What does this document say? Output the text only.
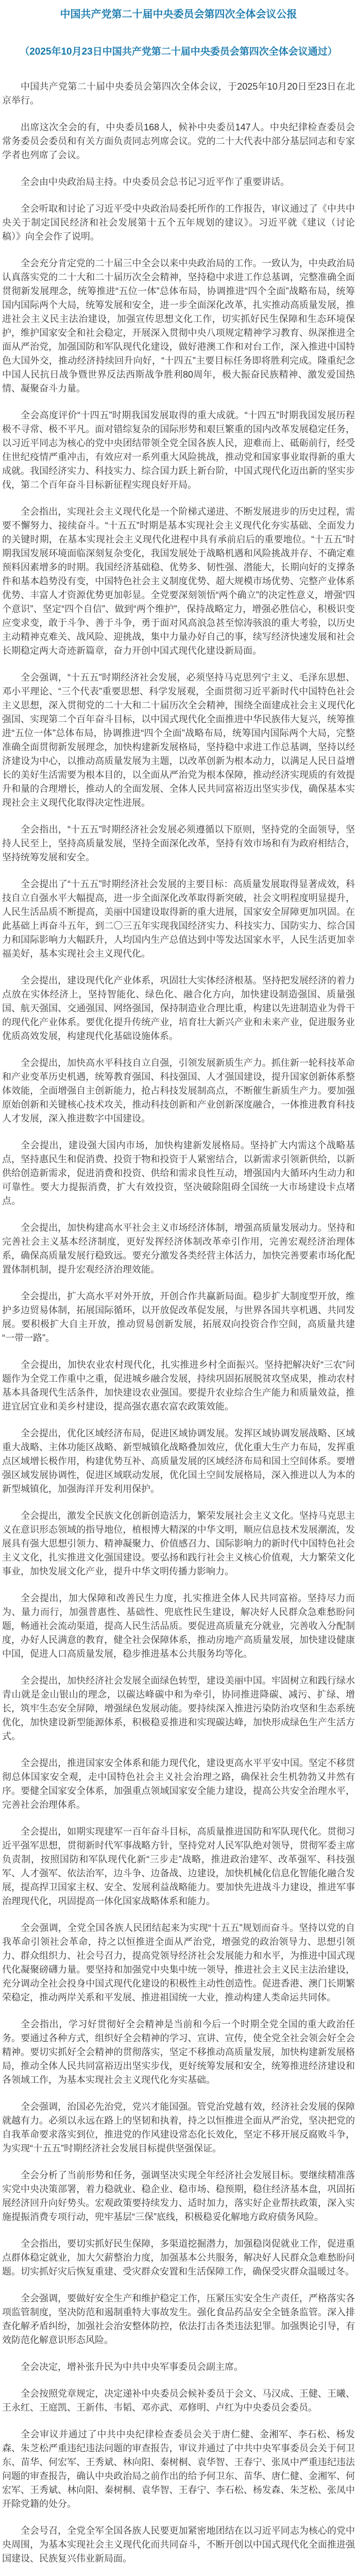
中国共产党第二十届中央委员会第四次全体会议公报
（2025年10月23日中国共产党第二十届中央委员会第四次全体会议通过）

中国共产党第二十届中央委员会第四次全体会议，于2025年10月20日至23日在北京举行。

出席这次全会的有，中央委员168人，候补中央委员147人。中央纪律检查委员会常务委员会委员和有关方面负责同志列席会议。党的二十大代表中部分基层同志和专家学者也列席了会议。

全会由中央政治局主持。中央委员会总书记习近平作了重要讲话。

全会听取和讨论了习近平受中央政治局委托所作的工作报告，审议通过了《中共中央关于制定国民经济和社会发展第十五个五年规划的建议》。习近平就《建议（讨论稿）》向全会作了说明。

全会充分肯定党的二十届三中全会以来中央政治局的工作。一致认为，中央政治局认真落实党的二十大和二十届历次全会精神，坚持稳中求进工作总基调，完整准确全面贯彻新发展理念，统筹推进“五位一体”总体布局，协调推进“四个全面”战略布局，统筹国内国际两个大局，统筹发展和安全，进一步全面深化改革，扎实推动高质量发展，推进社会主义民主法治建设，加强宣传思想文化工作，切实抓好民生保障和生态环境保护，维护国家安全和社会稳定，开展深入贯彻中央八项规定精神学习教育、纵深推进全面从严治党，加强国防和军队现代化建设，做好港澳工作和对台工作，深入推进中国特色大国外交，推动经济持续回升向好，“十四五”主要目标任务即将胜利完成。隆重纪念中国人民抗日战争暨世界反法西斯战争胜利80周年，极大振奋民族精神、激发爱国热情、凝聚奋斗力量。

全会高度评价“十四五”时期我国发展取得的重大成就。“十四五”时期我国发展历程极不寻常、极不平凡。面对错综复杂的国际形势和艰巨繁重的国内改革发展稳定任务，以习近平同志为核心的党中央团结带领全党全国各族人民，迎难而上、砥砺前行，经受住世纪疫情严重冲击，有效应对一系列重大风险挑战，推动党和国家事业取得新的重大成就。我国经济实力、科技实力、综合国力跃上新台阶，中国式现代化迈出新的坚实步伐，第二个百年奋斗目标新征程实现良好开局。

全会指出，实现社会主义现代化是一个阶梯式递进、不断发展进步的历史过程，需要不懈努力、接续奋斗。“十五五”时期是基本实现社会主义现代化夯实基础、全面发力的关键时期，在基本实现社会主义现代化进程中具有承前启后的重要地位。“十五五”时期我国发展环境面临深刻复杂变化，我国发展处于战略机遇和风险挑战并存、不确定难预料因素增多的时期。我国经济基础稳、优势多、韧性强、潜能大，长期向好的支撑条件和基本趋势没有变，中国特色社会主义制度优势、超大规模市场优势、完整产业体系优势、丰富人才资源优势更加彰显。全党要深刻领悟“两个确立”的决定性意义，增强“四个意识”、坚定“四个自信”、做到“两个维护”，保持战略定力，增强必胜信心，积极识变应变求变，敢于斗争、善于斗争，勇于面对风高浪急甚至惊涛骇浪的重大考验，以历史主动精神克难关、战风险、迎挑战，集中力量办好自己的事，续写经济快速发展和社会长期稳定两大奇迹新篇章，奋力开创中国式现代化建设新局面。

全会强调，“十五五”时期经济社会发展，必须坚持马克思列宁主义、毛泽东思想、邓小平理论、“三个代表”重要思想、科学发展观，全面贯彻习近平新时代中国特色社会主义思想，深入贯彻党的二十大和二十届历次全会精神，围绕全面建成社会主义现代化强国、实现第二个百年奋斗目标，以中国式现代化全面推进中华民族伟大复兴，统筹推进“五位一体”总体布局，协调推进“四个全面”战略布局，统筹国内国际两个大局，完整准确全面贯彻新发展理念，加快构建新发展格局，坚持稳中求进工作总基调，坚持以经济建设为中心，以推动高质量发展为主题，以改革创新为根本动力，以满足人民日益增长的美好生活需要为根本目的，以全面从严治党为根本保障，推动经济实现质的有效提升和量的合理增长，推动人的全面发展、全体人民共同富裕迈出坚实步伐，确保基本实现社会主义现代化取得决定性进展。

全会指出，“十五五”时期经济社会发展必须遵循以下原则，坚持党的全面领导，坚持人民至上，坚持高质量发展，坚持全面深化改革，坚持有效市场和有为政府相结合，坚持统筹发展和安全。

全会提出了“十五五”时期经济社会发展的主要目标：高质量发展取得显著成效，科技自立自强水平大幅提高，进一步全面深化改革取得新突破，社会文明程度明显提升，人民生活品质不断提高，美丽中国建设取得新的重大进展，国家安全屏障更加巩固。在此基础上再奋斗五年，到二〇三五年实现我国经济实力、科技实力、国防实力、综合国力和国际影响力大幅跃升，人均国内生产总值达到中等发达国家水平，人民生活更加幸福美好，基本实现社会主义现代化。

全会提出，建设现代化产业体系，巩固壮大实体经济根基。坚持把发展经济的着力点放在实体经济上，坚持智能化、绿色化、融合化方向，加快建设制造强国、质量强国、航天强国、交通强国、网络强国，保持制造业合理比重，构建以先进制造业为骨干的现代化产业体系。要优化提升传统产业，培育壮大新兴产业和未来产业，促进服务业优质高效发展，构建现代化基础设施体系。

全会提出，加快高水平科技自立自强，引领发展新质生产力。抓住新一轮科技革命和产业变革历史机遇，统筹教育强国、科技强国、人才强国建设，提升国家创新体系整体效能，全面增强自主创新能力，抢占科技发展制高点，不断催生新质生产力。要加强原始创新和关键核心技术攻关，推动科技创新和产业创新深度融合，一体推进教育科技人才发展，深入推进数字中国建设。

全会提出，建设强大国内市场，加快构建新发展格局。坚持扩大内需这个战略基点，坚持惠民生和促消费、投资于物和投资于人紧密结合，以新需求引领新供给，以新供给创造新需求，促进消费和投资、供给和需求良性互动，增强国内大循环内生动力和可靠性。要大力提振消费，扩大有效投资，坚决破除阻碍全国统一大市场建设卡点堵点。

全会提出，加快构建高水平社会主义市场经济体制，增强高质量发展动力。坚持和完善社会主义基本经济制度，更好发挥经济体制改革牵引作用，完善宏观经济治理体系，确保高质量发展行稳致远。要充分激发各类经营主体活力，加快完善要素市场化配置体制机制，提升宏观经济治理效能。

全会提出，扩大高水平对外开放，开创合作共赢新局面。稳步扩大制度型开放，维护多边贸易体制，拓展国际循环，以开放促改革促发展，与世界各国共享机遇、共同发展。要积极扩大自主开放，推动贸易创新发展，拓展双向投资合作空间，高质量共建“一带一路”。

全会提出，加快农业农村现代化，扎实推进乡村全面振兴。坚持把解决好“三农”问题作为全党工作重中之重，促进城乡融合发展，持续巩固拓展脱贫攻坚成果，推动农村基本具备现代生活条件，加快建设农业强国。要提升农业综合生产能力和质量效益，推进宜居宜业和美乡村建设，提高强农惠农富农政策效能。

全会提出，优化区域经济布局，促进区域协调发展。发挥区域协调发展战略、区域重大战略、主体功能区战略、新型城镇化战略叠加效应，优化重大生产力布局，发挥重点区域增长极作用，构建优势互补、高质量发展的区域经济布局和国土空间体系。要增强区域发展协调性，促进区域联动发展，优化国土空间发展格局，深入推进以人为本的新型城镇化，加强海洋开发利用保护。

全会提出，激发全民族文化创新创造活力，繁荣发展社会主义文化。坚持马克思主义在意识形态领域的指导地位，植根博大精深的中华文明，顺应信息技术发展潮流，发展具有强大思想引领力、精神凝聚力、价值感召力、国际影响力的新时代中国特色社会主义文化，扎实推进文化强国建设。要弘扬和践行社会主义核心价值观，大力繁荣文化事业，加快发展文化产业，提升中华文明传播力影响力。

全会提出，加大保障和改善民生力度，扎实推进全体人民共同富裕。坚持尽力而为、量力而行，加强普惠性、基础性、兜底性民生建设，解决好人民群众急难愁盼问题，畅通社会流动渠道，提高人民生活品质。要促进高质量充分就业，完善收入分配制度，办好人民满意的教育，健全社会保障体系，推动房地产高质量发展，加快建设健康中国，促进人口高质量发展，稳步推进基本公共服务均等化。

全会提出，加快经济社会发展全面绿色转型，建设美丽中国。牢固树立和践行绿水青山就是金山银山的理念，以碳达峰碳中和为牵引，协同推进降碳、减污、扩绿、增长，筑牢生态安全屏障，增强绿色发展动能。要持续深入推进污染防治攻坚和生态系统优化，加快建设新型能源体系，积极稳妥推进和实现碳达峰，加快形成绿色生产生活方式。

全会提出，推进国家安全体系和能力现代化，建设更高水平平安中国。坚定不移贯彻总体国家安全观，走中国特色社会主义社会治理之路，确保社会生机勃勃又井然有序。要健全国家安全体系，加强重点领域国家安全能力建设，提高公共安全治理水平，完善社会治理体系。

全会提出，如期实现建军一百年奋斗目标，高质量推进国防和军队现代化。贯彻习近平强军思想，贯彻新时代军事战略方针，坚持党对人民军队绝对领导，贯彻军委主席负责制，按照国防和军队现代化新“三步走”战略，推进政治建军、改革强军、科技强军、人才强军、依法治军，边斗争、边备战、边建设，加快机械化信息化智能化融合发展，提高捍卫国家主权、安全、发展利益战略能力。要加快先进战斗力建设，推进军事治理现代化，巩固提高一体化国家战略体系和能力。

全会强调，全党全国各族人民团结起来为实现“十五五”规划而奋斗。坚持以党的自我革命引领社会革命，持之以恒推进全面从严治党，增强党的政治领导力、思想引领力、群众组织力、社会号召力，提高党领导经济社会发展能力和水平，为推进中国式现代化凝聚磅礴力量。要坚持和加强党中央集中统一领导，推进社会主义民主法治建设，充分调动全社会投身中国式现代化建设的积极性主动性创造性。促进香港、澳门长期繁荣稳定，推动两岸关系和平发展、推进祖国统一大业，推动构建人类命运共同体。

全会指出，学习好贯彻好全会精神是当前和今后一个时期全党全国的重大政治任务。要通过各种方式，组织好全会精神的学习、宣讲、宣传，使全党全社会领会好全会精神。要切实抓好全会精神的贯彻落实，坚定不移推动高质量发展，加快构建新发展格局，推动全体人民共同富裕迈出坚实步伐，更好统筹发展和安全，统筹推进经济建设和各领域工作，为基本实现社会主义现代化夯实基础。

全会强调，治国必先治党，党兴才能国强。管党治党越有效，经济社会发展的保障就越有力。必须以永远在路上的坚韧和执着，持之以恒推进全面从严治党，坚决把党的自我革命要求落实到位，推进党的作风建设常态化长效化，坚定不移开展反腐败斗争，为实现“十五五”时期经济社会发展目标提供坚强保证。

全会分析了当前形势和任务，强调坚决实现全年经济社会发展目标。要继续精准落实党中央决策部署，着力稳就业、稳企业、稳市场、稳预期，稳住经济基本盘，巩固拓展经济回升向好势头。宏观政策要持续发力、适时加力，落实好企业帮扶政策，深入实施提振消费专项行动，兜牢基层“三保”底线，积极稳妥化解地方政府债务风险。

全会指出，要切实抓好民生保障，多渠道挖掘潜力，加强稳岗促就业工作，促进重点群体稳定就业，加大欠薪整治力度，加强基本公共服务，解决好人民群众急难愁盼问题。切实抓好灾后恢复重建、受灾群众安置和生活保障工作，确保受灾群众温暖过冬。

全会强调，要做好安全生产和维护稳定工作，压紧压实安全生产责任，严格落实各项监管制度，坚决防范和遏制重特大事故发生。强化食品药品安全全链条监管。深入排查化解矛盾纠纷，加强社会治安整体防控，依法打击各类违法犯罪。加强舆论引导，有效防范化解意识形态风险。

全会决定，增补张升民为中共中央军事委员会副主席。

全会按照党章规定，决定递补中央委员会候补委员于会文、马汉成、王健、王曦、王永红、王庭凯、王新伟、韦韬、邓亦武、邓修明、卢红为中央委员会委员。

全会审议并通过了中共中央纪律检查委员会关于唐仁健、金湘军、李石松、杨发森、朱芝松严重违纪违法问题的审查报告，审议并通过了中共中央军事委员会关于何卫东、苗华、何宏军、王秀斌、林向阳、秦树桐、袁华智、王春宁、张凤中严重违纪违法问题的审查报告，确认中央政治局之前作出的给予何卫东、苗华、唐仁健、金湘军、何宏军、王秀斌、林向阳、秦树桐、袁华智、王春宁、李石松、杨发森、朱芝松、张凤中开除党籍的处分。

全会号召，全党全军全国各族人民要更加紧密地团结在以习近平同志为核心的党中央周围，为基本实现社会主义现代化而共同奋斗，不断开创以中国式现代化全面推进强国建设、民族复兴伟业新局面。
